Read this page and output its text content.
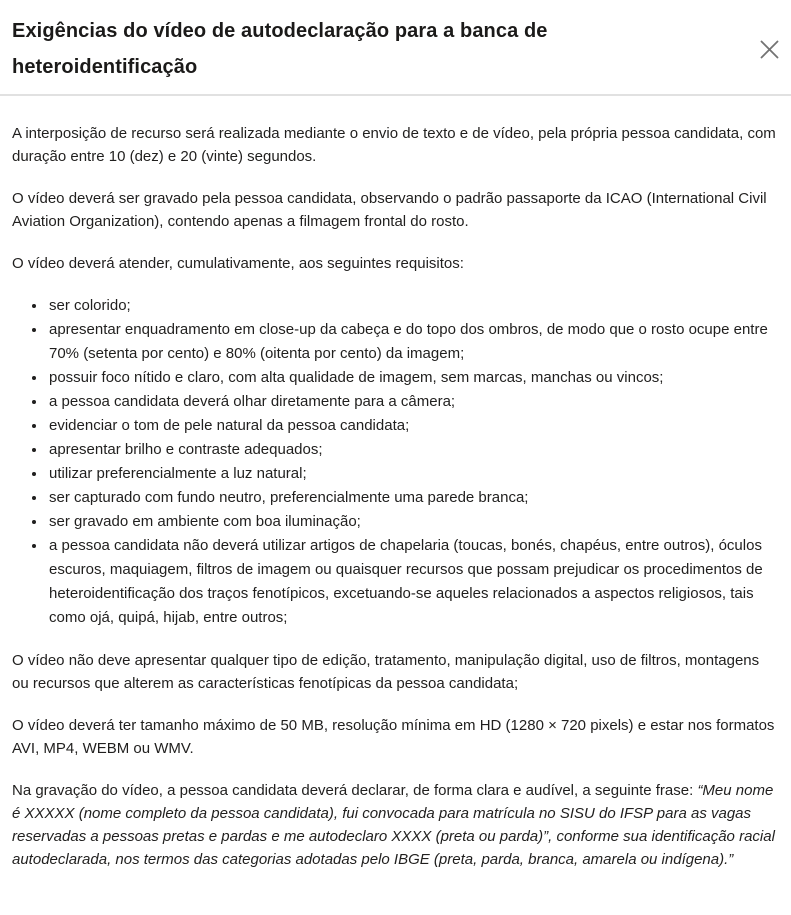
Exigências do vídeo de autodeclaração para a banca de heteroidentificação

A interposição de recurso será realizada mediante o envio de texto e de vídeo, pela própria pessoa candidata, com duração entre 10 (dez) e 20 (vinte) segundos.

O vídeo deverá ser gravado pela pessoa candidata, observando o padrão passaporte da ICAO (International Civil Aviation Organization), contendo apenas a filmagem frontal do rosto.

O vídeo deverá atender, cumulativamente, aos seguintes requisitos:

• ser colorido;
• apresentar enquadramento em close-up da cabeça e do topo dos ombros, de modo que o rosto ocupe entre 70% (setenta por cento) e 80% (oitenta por cento) da imagem;
• possuir foco nítido e claro, com alta qualidade de imagem, sem marcas, manchas ou vincos;
• a pessoa candidata deverá olhar diretamente para a câmera;
• evidenciar o tom de pele natural da pessoa candidata;
• apresentar brilho e contraste adequados;
• utilizar preferencialmente a luz natural;
• ser capturado com fundo neutro, preferencialmente uma parede branca;
• ser gravado em ambiente com boa iluminação;
• a pessoa candidata não deverá utilizar artigos de chapelaria (toucas, bonés, chapéus, entre outros), óculos escuros, maquiagem, filtros de imagem ou quaisquer recursos que possam prejudicar os procedimentos de heteroidentificação dos traços fenotípicos, excetuando-se aqueles relacionados a aspectos religiosos, tais como ojá, quipá, hijab, entre outros;

O vídeo não deve apresentar qualquer tipo de edição, tratamento, manipulação digital, uso de filtros, montagens ou recursos que alterem as características fenotípicas da pessoa candidata;

O vídeo deverá ter tamanho máximo de 50 MB, resolução mínima em HD (1280 × 720 pixels) e estar nos formatos AVI, MP4, WEBM ou WMV.

Na gravação do vídeo, a pessoa candidata deverá declarar, de forma clara e audível, a seguinte frase: “Meu nome é XXXXX (nome completo da pessoa candidata), fui convocada para matrícula no SISU do IFSP para as vagas reservadas a pessoas pretas e pardas e me autodeclaro XXXX (preta ou parda)”, conforme sua identificação racial autodeclarada, nos termos das categorias adotadas pelo IBGE (preta, parda, branca, amarela ou indígena).”
